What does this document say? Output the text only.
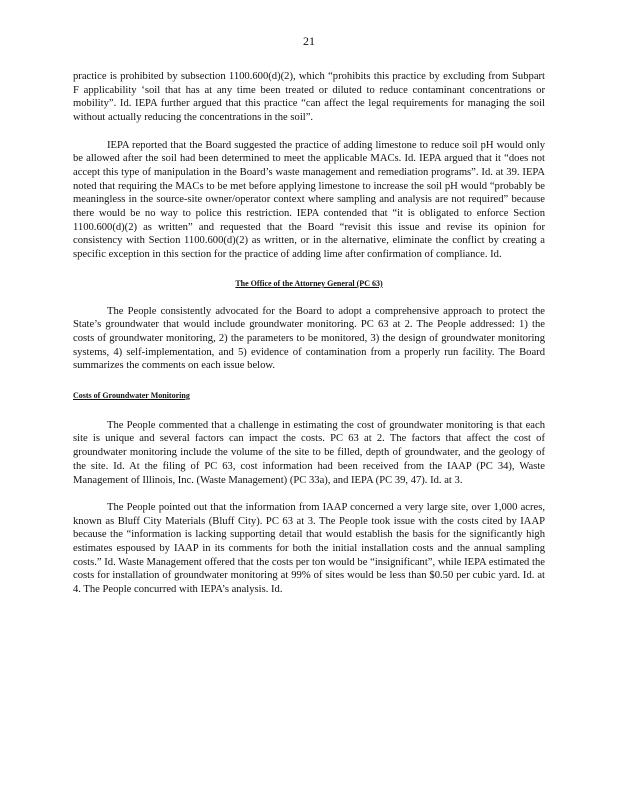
21

practice is prohibited by subsection 1100.600(d)(2), which “prohibits this practice by excluding from Subpart F applicability ‘soil that has at any time been treated or diluted to reduce contaminant concentrations or mobility”. Id. IEPA further argued that this practice “can affect the legal requirements for managing the soil without actually reducing the concentrations in the soil”.

IEPA reported that the Board suggested the practice of adding limestone to reduce soil pH would only be allowed after the soil had been determined to meet the applicable MACs. Id. IEPA argued that it “does not accept this type of manipulation in the Board’s waste management and remediation programs”. Id. at 39. IEPA noted that requiring the MACs to be met before applying limestone to increase the soil pH would “probably be meaningless in the source-site owner/operator context where sampling and analysis are not required” because there would be no way to police this restriction. IEPA contended that “it is obligated to enforce Section 1100.600(d)(2) as written” and requested that the Board “revisit this issue and revise its opinion for consistency with Section 1100.600(d)(2) as written, or in the alternative, eliminate the conflict by creating a specific exception in this section for the practice of adding lime after confirmation of compliance. Id.

The Office of the Attorney General (PC 63)

The People consistently advocated for the Board to adopt a comprehensive approach to protect the State’s groundwater that would include groundwater monitoring. PC 63 at 2. The People addressed: 1) the costs of groundwater monitoring, 2) the parameters to be monitored, 3) the design of groundwater monitoring systems, 4) self-implementation, and 5) evidence of contamination from a properly run facility. The Board summarizes the comments on each issue below.

Costs of Groundwater Monitoring

The People commented that a challenge in estimating the cost of groundwater monitoring is that each site is unique and several factors can impact the costs. PC 63 at 2. The factors that affect the cost of groundwater monitoring include the volume of the site to be filled, depth of groundwater, and the geology of the site. Id. At the filing of PC 63, cost information had been received from the IAAP (PC 34), Waste Management of Illinois, Inc. (Waste Management) (PC 33a), and IEPA (PC 39, 47). Id. at 3.

The People pointed out that the information from IAAP concerned a very large site, over 1,000 acres, known as Bluff City Materials (Bluff City). PC 63 at 3. The People took issue with the costs cited by IAAP because the “information is lacking supporting detail that would establish the basis for the significantly high estimates espoused by IAAP in its comments for both the initial installation costs and the annual sampling costs.” Id. Waste Management offered that the costs per ton would be “insignificant”, while IEPA estimated the costs for installation of groundwater monitoring at 99% of sites would be less than $0.50 per cubic yard. Id. at 4. The People concurred with IEPA’s analysis. Id.
